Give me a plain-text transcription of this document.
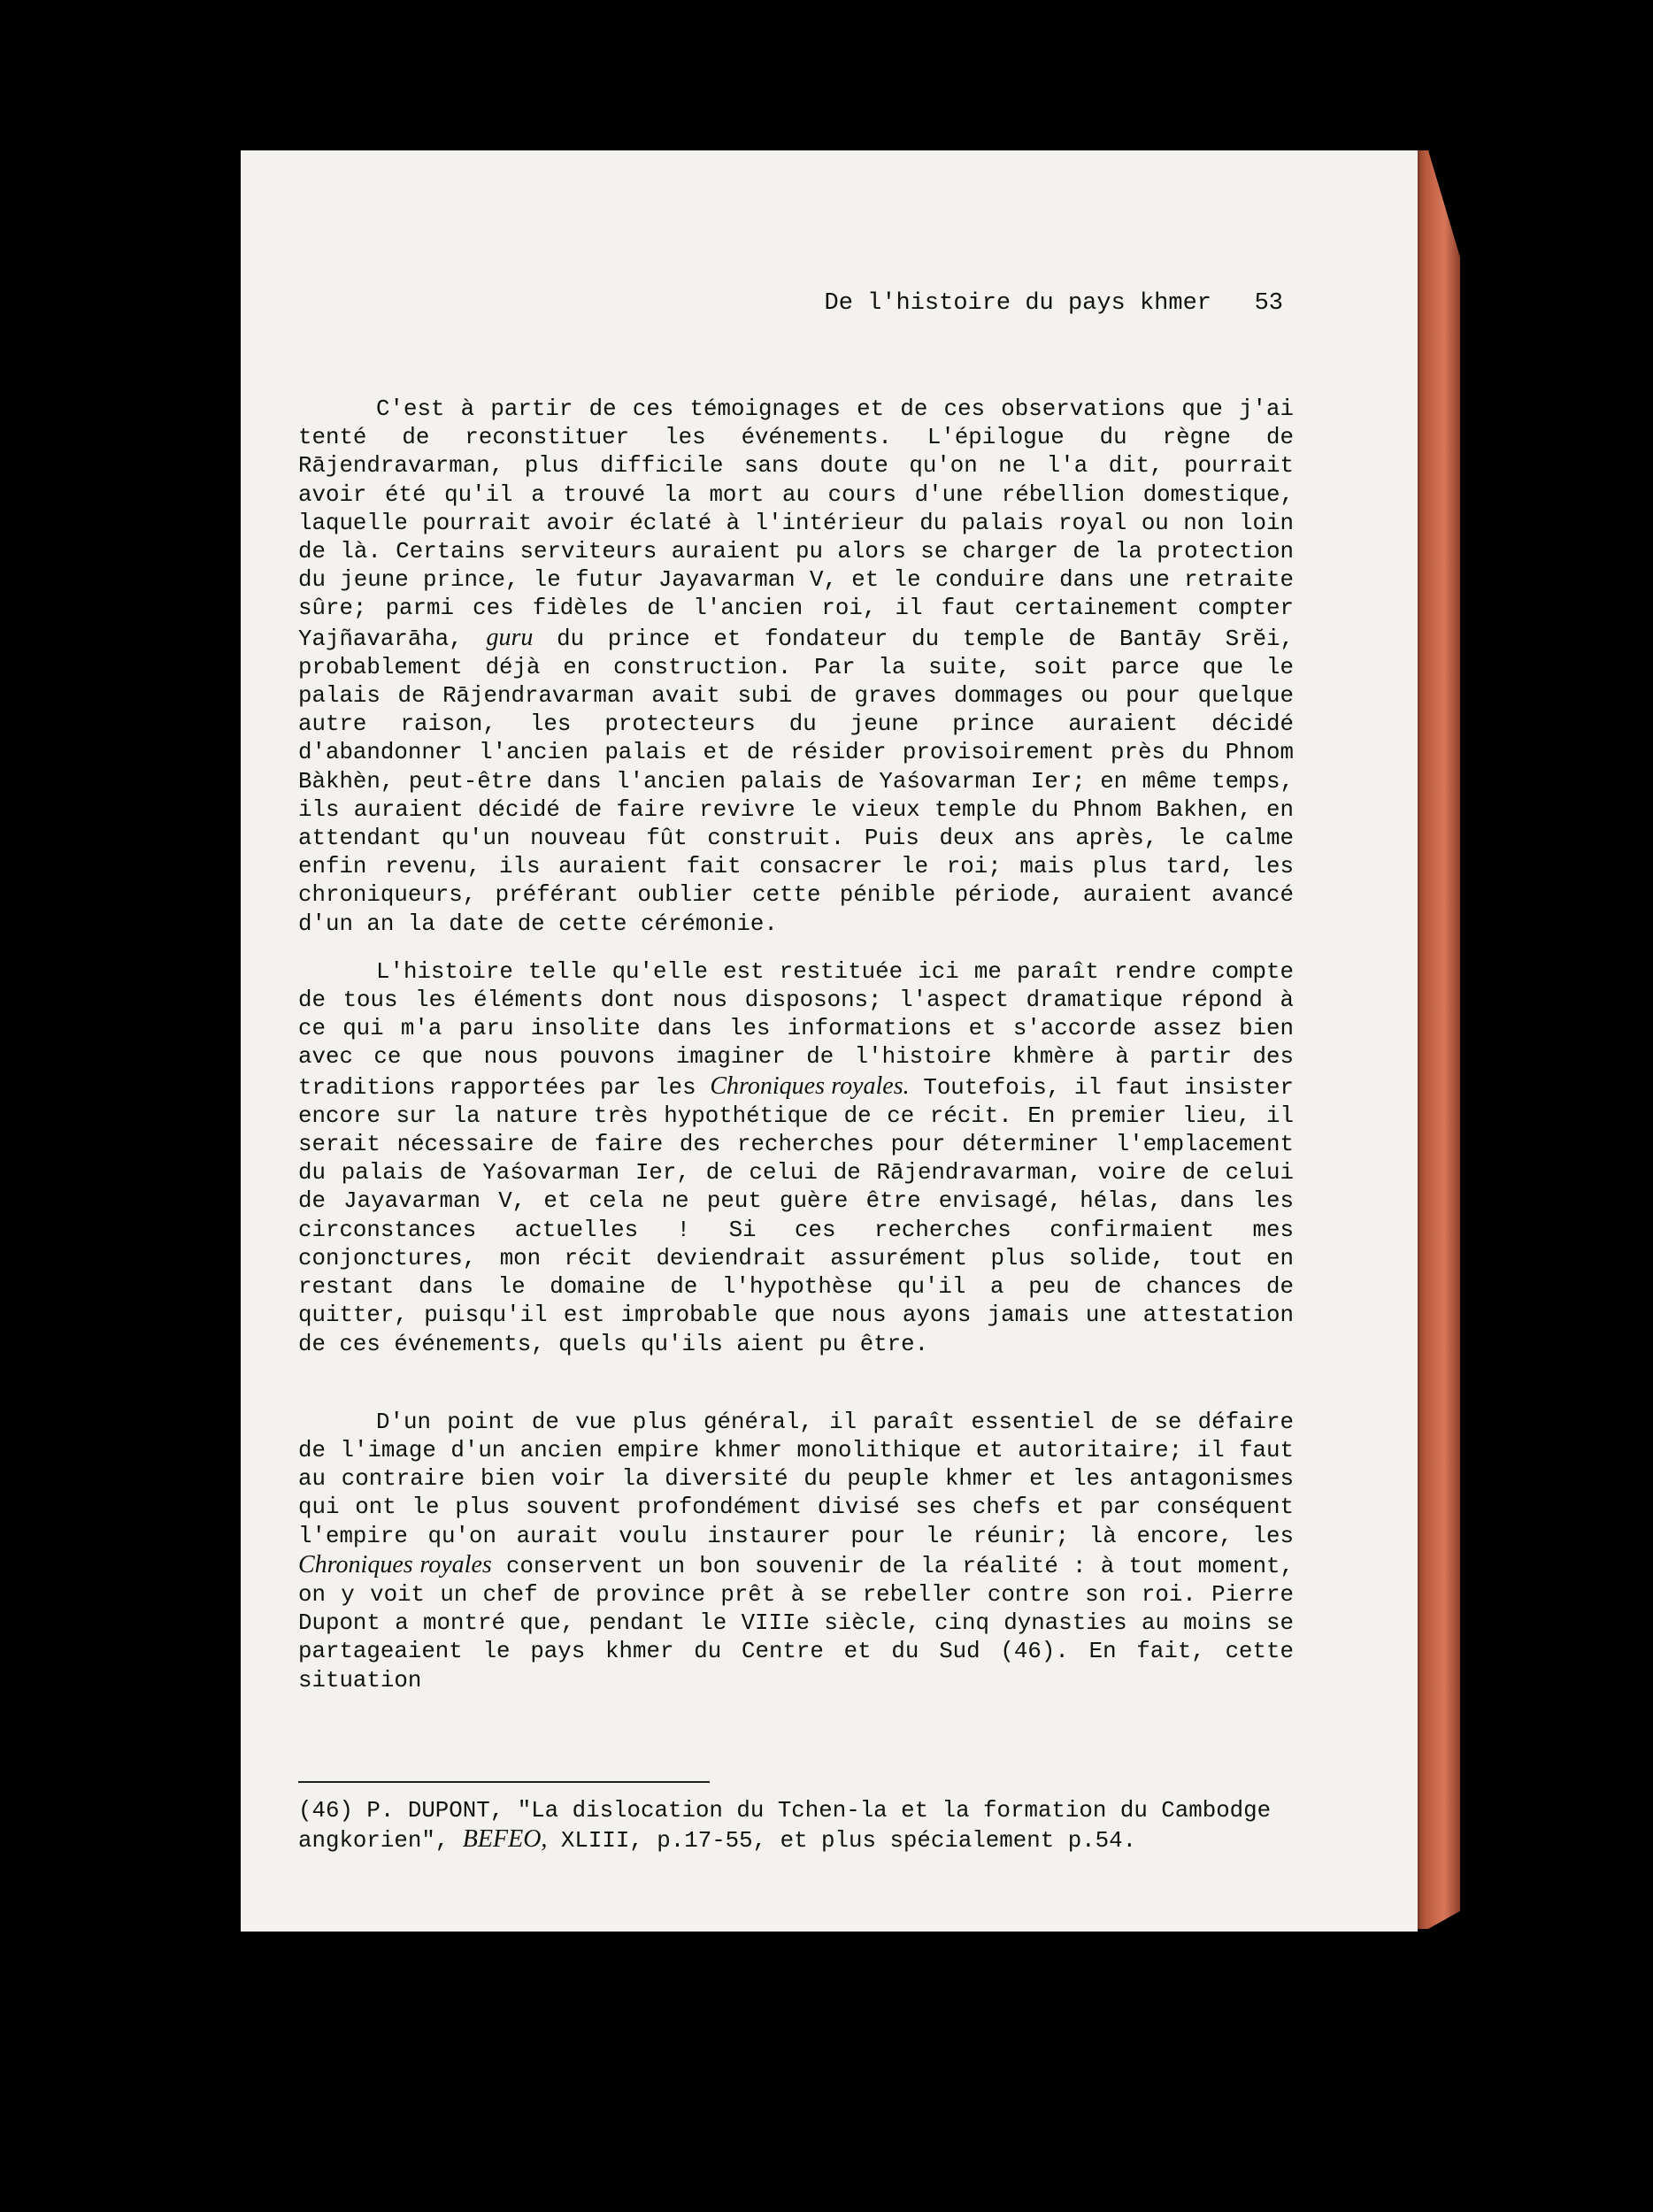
De l'histoire du pays khmer 53

C'est à partir de ces témoignages et de ces observations que j'ai tenté de reconstituer les événements. L'épilogue du règne de Rājendravarman, plus difficile sans doute qu'on ne l'a dit, pourrait avoir été qu'il a trouvé la mort au cours d'une rébellion domestique, laquelle pourrait avoir éclaté à l'intérieur du palais royal ou non loin de là. Certains serviteurs auraient pu alors se charger de la protection du jeune prince, le futur Jayavarman V, et le conduire dans une retraite sûre; parmi ces fidèles de l'ancien roi, il faut certainement compter Yajñavarāha, guru du prince et fondateur du temple de Bantāy Srĕi, probablement déjà en construction. Par la suite, soit parce que le palais de Rājendravarman avait subi de graves dommages ou pour quelque autre raison, les protecteurs du jeune prince auraient décidé d'abandonner l'ancien palais et de résider provisoirement près du Phnom Bàkhèn, peut-être dans l'ancien palais de Yaśovarman Ier; en même temps, ils auraient décidé de faire revivre le vieux temple du Phnom Bakhen, en attendant qu'un nouveau fût construit. Puis deux ans après, le calme enfin revenu, ils auraient fait consacrer le roi; mais plus tard, les chroniqueurs, préférant oublier cette pénible période, auraient avancé d'un an la date de cette cérémonie.

L'histoire telle qu'elle est restituée ici me paraît rendre compte de tous les éléments dont nous disposons; l'aspect dramatique répond à ce qui m'a paru insolite dans les informations et s'accorde assez bien avec ce que nous pouvons imaginer de l'histoire khmère à partir des traditions rapportées par les Chroniques royales. Toutefois, il faut insister encore sur la nature très hypothétique de ce récit. En premier lieu, il serait nécessaire de faire des recherches pour déterminer l'emplacement du palais de Yaśovarman Ier, de celui de Rājendravarman, voire de celui de Jayavarman V, et cela ne peut guère être envisagé, hélas, dans les circonstances actuelles ! Si ces recherches confirmaient mes conjonctures, mon récit deviendrait assurément plus solide, tout en restant dans le domaine de l'hypothèse qu'il a peu de chances de quitter, puisqu'il est improbable que nous ayons jamais une attestation de ces événements, quels qu'ils aient pu être.

D'un point de vue plus général, il paraît essentiel de se défaire de l'image d'un ancien empire khmer monolithique et autoritaire; il faut au contraire bien voir la diversité du peuple khmer et les antagonismes qui ont le plus souvent profondément divisé ses chefs et par conséquent l'empire qu'on aurait voulu instaurer pour le réunir; là encore, les Chroniques royales conservent un bon souvenir de la réalité : à tout moment, on y voit un chef de province prêt à se rebeller contre son roi. Pierre Dupont a montré que, pendant le VIIIe siècle, cinq dynasties au moins se partageaient le pays khmer du Centre et du Sud (46). En fait, cette situation

(46) P. DUPONT, "La dislocation du Tchen-la et la formation du Cambodge angkorien", BEFEO, XLIII, p.17-55, et plus spécialement p.54.
